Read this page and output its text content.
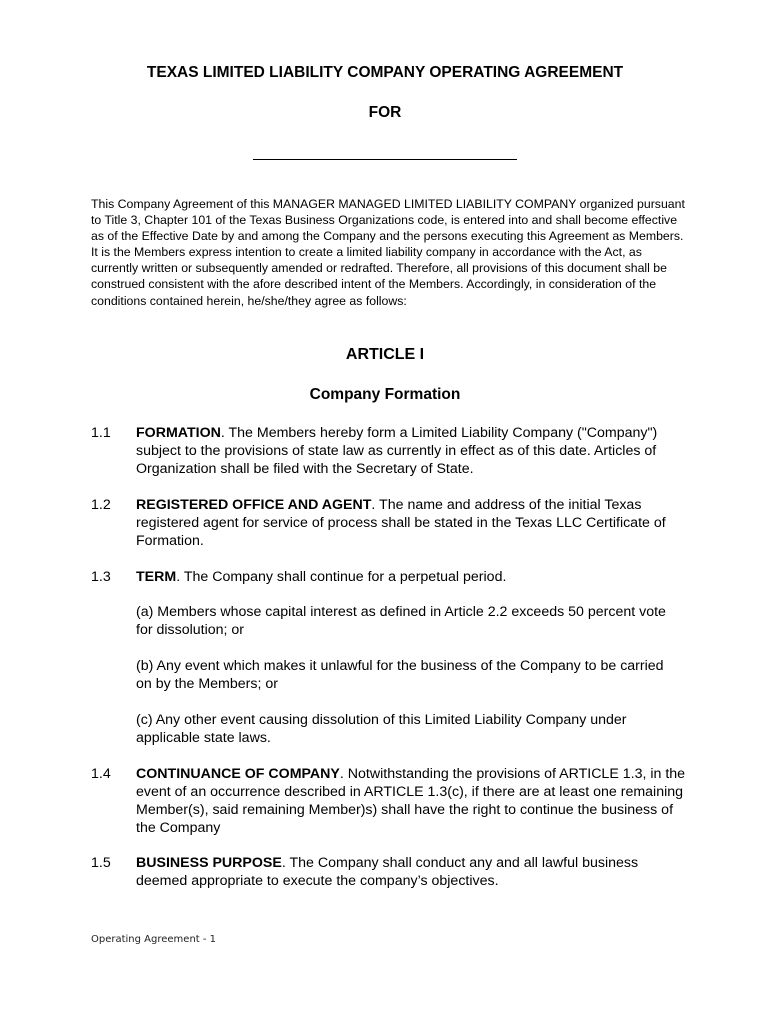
TEXAS LIMITED LIABILITY COMPANY OPERATING AGREEMENT
FOR

This Company Agreement of this MANAGER MANAGED LIMITED LIABILITY COMPANY organized pursuant to Title 3, Chapter 101 of the Texas Business Organizations code, is entered into and shall become effective as of the Effective Date by and among the Company and the persons executing this Agreement as Members. It is the Members express intention to create a limited liability company in accordance with the Act, as currently written or subsequently amended or redrafted. Therefore, all provisions of this document shall be construed consistent with the afore described intent of the Members. Accordingly, in consideration of the conditions contained herein, he/she/they agree as follows:

ARTICLE I
Company Formation
1.1 FORMATION. The Members hereby form a Limited Liability Company ("Company") subject to the provisions of state law as currently in effect as of this date. Articles of Organization shall be filed with the Secretary of State.
1.2 REGISTERED OFFICE AND AGENT. The name and address of the initial Texas registered agent for service of process shall be stated in the Texas LLC Certificate of Formation.
1.3 TERM. The Company shall continue for a perpetual period.
(a) Members whose capital interest as defined in Article 2.2 exceeds 50 percent vote for dissolution; or
(b) Any event which makes it unlawful for the business of the Company to be carried on by the Members; or
(c) Any other event causing dissolution of this Limited Liability Company under applicable state laws.
1.4 CONTINUANCE OF COMPANY. Notwithstanding the provisions of ARTICLE 1.3, in the event of an occurrence described in ARTICLE 1.3(c), if there are at least one remaining Member(s), said remaining Member)s) shall have the right to continue the business of the Company
1.5 BUSINESS PURPOSE. The Company shall conduct any and all lawful business deemed appropriate to execute the company’s objectives.
Operating Agreement - 1
